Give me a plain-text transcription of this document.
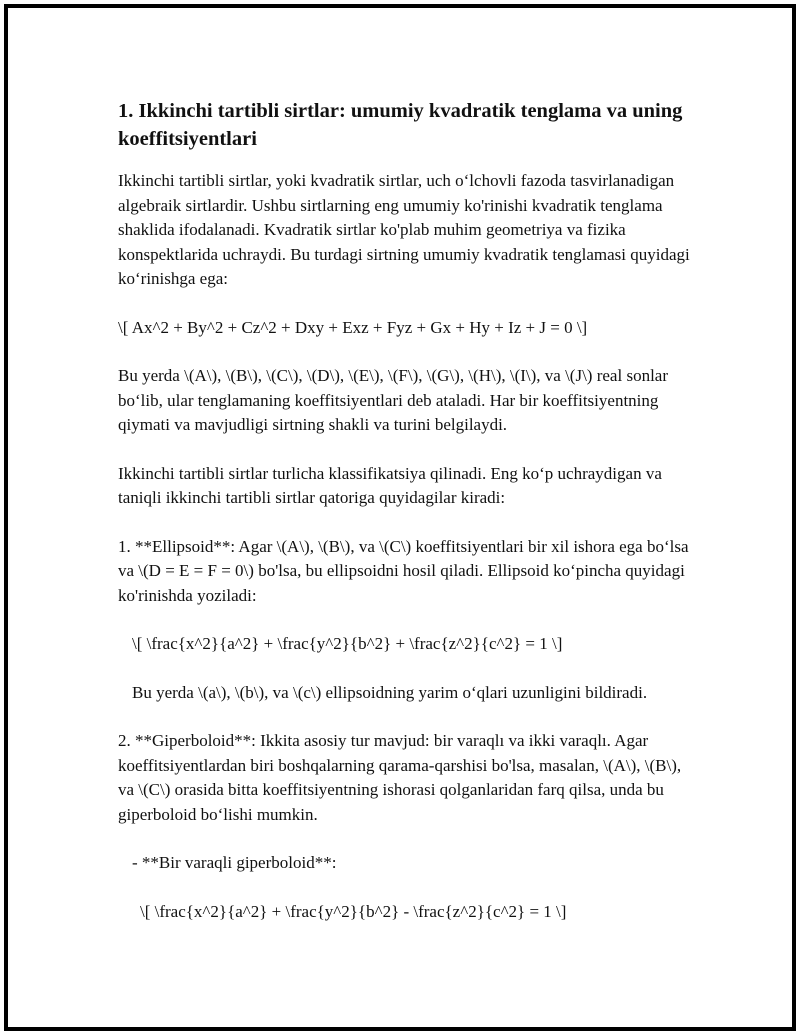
1. Ikkinchi tartibli sirtlar: umumiy kvadratik tenglama va uning koeffitsiyentlari

Ikkinchi tartibli sirtlar, yoki kvadratik sirtlar, uch oʻlchovli fazoda tasvirlanadigan algebraik sirtlardir. Ushbu sirtlarning eng umumiy ko'rinishi kvadratik tenglama shaklida ifodalanadi. Kvadratik sirtlar ko'plab muhim geometriya va fizika konspektlarida uchraydi. Bu turdagi sirtning umumiy kvadratik tenglamasi quyidagi koʻrinishga ega:

\[ Ax^2 + By^2 + Cz^2 + Dxy + Exz + Fyz + Gx + Hy + Iz + J = 0 \]

Bu yerda \(A\), \(B\), \(C\), \(D\), \(E\), \(F\), \(G\), \(H\), \(I\), va \(J\) real sonlar boʻlib, ular tenglamaning koeffitsiyentlari deb ataladi. Har bir koeffitsiyentning qiymati va mavjudligi sirtning shakli va turini belgilaydi.

Ikkinchi tartibli sirtlar turlicha klassifikatsiya qilinadi. Eng koʻp uchraydigan va taniqli ikkinchi tartibli sirtlar qatoriga quyidagilar kiradi:

1. **Ellipsoid**: Agar \(A\), \(B\), va \(C\) koeffitsiyentlari bir xil ishora ega boʻlsa va \(D = E = F = 0\) bo'lsa, bu ellipsoidni hosil qiladi. Ellipsoid koʻpincha quyidagi ko'rinishda yoziladi:

\[ \frac{x^2}{a^2} + \frac{y^2}{b^2} + \frac{z^2}{c^2} = 1 \]

Bu yerda \(a\), \(b\), va \(c\) ellipsoidning yarim oʻqlari uzunligini bildiradi.

2. **Giperboloid**: Ikkita asosiy tur mavjud: bir varaqlı va ikki varaqlı. Agar koeffitsiyentlardan biri boshqalarning qarama-qarshisi bo'lsa, masalan, \(A\), \(B\), va \(C\) orasida bitta koeffitsiyentning ishorasi qolganlaridan farq qilsa, unda bu giperboloid boʻlishi mumkin.

- **Bir varaqli giperboloid**:

\[ \frac{x^2}{a^2} + \frac{y^2}{b^2} - \frac{z^2}{c^2} = 1 \]
